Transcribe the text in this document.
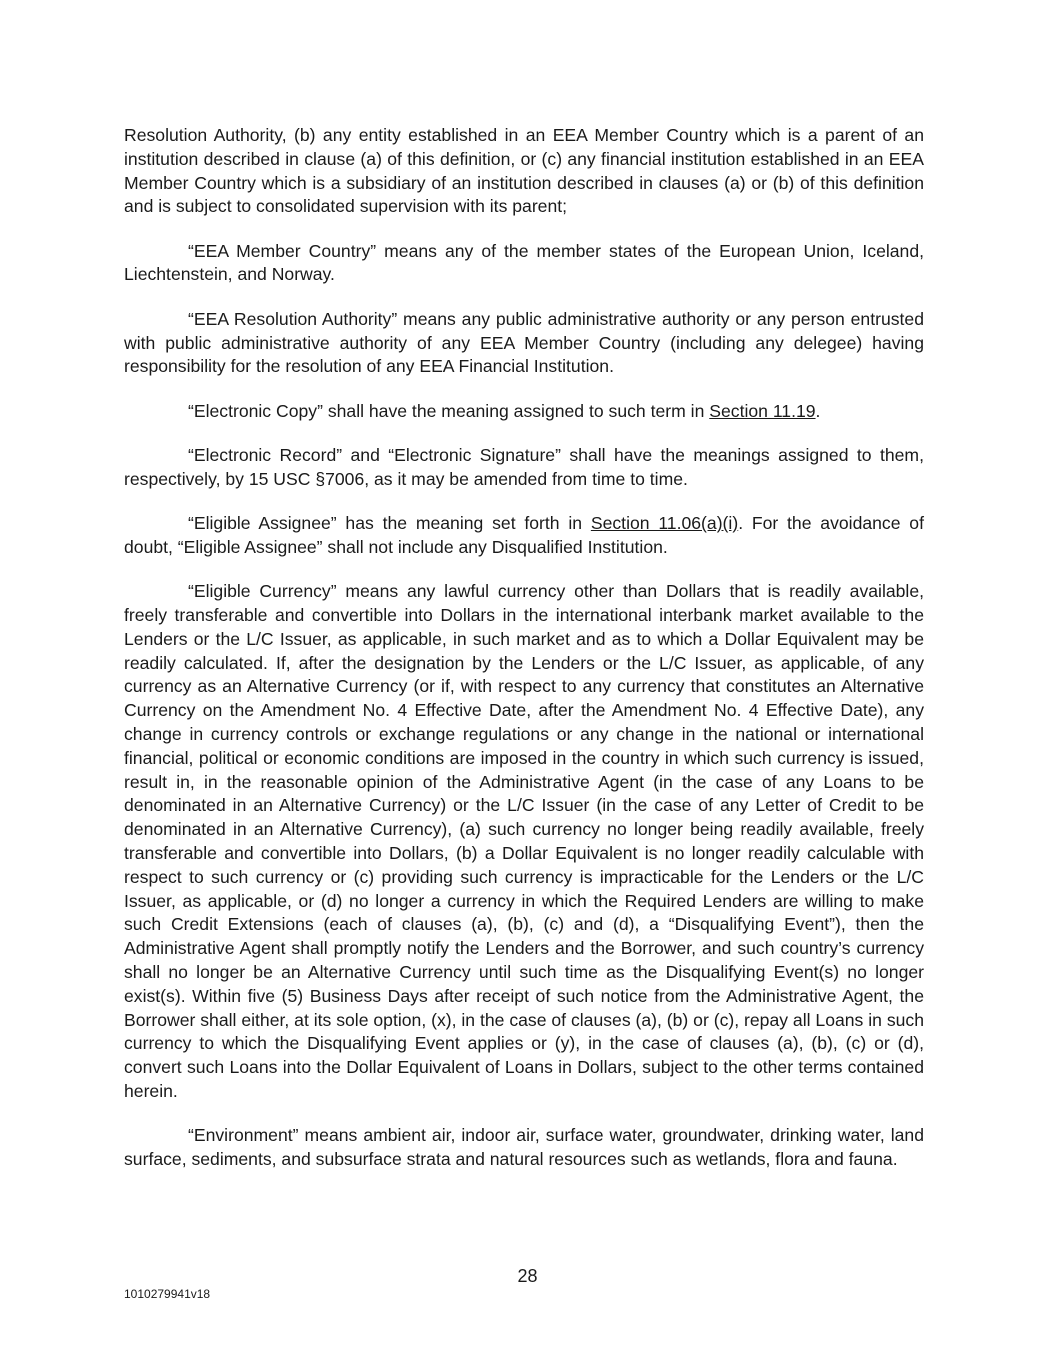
Resolution Authority, (b) any entity established in an EEA Member Country which is a parent of an institution described in clause (a) of this definition, or (c) any financial institution established in an EEA Member Country which is a subsidiary of an institution described in clauses (a) or (b) of this definition and is subject to consolidated supervision with its parent;

“EEA Member Country” means any of the member states of the European Union, Iceland, Liechtenstein, and Norway.

“EEA Resolution Authority” means any public administrative authority or any person entrusted with public administrative authority of any EEA Member Country (including any delegee) having responsibility for the resolution of any EEA Financial Institution.

“Electronic Copy” shall have the meaning assigned to such term in Section 11.19.

“Electronic Record” and “Electronic Signature” shall have the meanings assigned to them, respectively, by 15 USC §7006, as it may be amended from time to time.

“Eligible Assignee” has the meaning set forth in Section 11.06(a)(i). For the avoidance of doubt, “Eligible Assignee” shall not include any Disqualified Institution.

“Eligible Currency” means any lawful currency other than Dollars that is readily available, freely transferable and convertible into Dollars in the international interbank market available to the Lenders or the L/C Issuer, as applicable, in such market and as to which a Dollar Equivalent may be readily calculated. If, after the designation by the Lenders or the L/C Issuer, as applicable, of any currency as an Alternative Currency (or if, with respect to any currency that constitutes an Alternative Currency on the Amendment No. 4 Effective Date, after the Amendment No. 4 Effective Date), any change in currency controls or exchange regulations or any change in the national or international financial, political or economic conditions are imposed in the country in which such currency is issued, result in, in the reasonable opinion of the Administrative Agent (in the case of any Loans to be denominated in an Alternative Currency) or the L/C Issuer (in the case of any Letter of Credit to be denominated in an Alternative Currency), (a) such currency no longer being readily available, freely transferable and convertible into Dollars, (b) a Dollar Equivalent is no longer readily calculable with respect to such currency or (c) providing such currency is impracticable for the Lenders or the L/C Issuer, as applicable, or (d) no longer a currency in which the Required Lenders are willing to make such Credit Extensions (each of clauses (a), (b), (c) and (d), a “Disqualifying Event”), then the Administrative Agent shall promptly notify the Lenders and the Borrower, and such country’s currency shall no longer be an Alternative Currency until such time as the Disqualifying Event(s) no longer exist(s). Within five (5) Business Days after receipt of such notice from the Administrative Agent, the Borrower shall either, at its sole option, (x), in the case of clauses (a), (b) or (c), repay all Loans in such currency to which the Disqualifying Event applies or (y), in the case of clauses (a), (b), (c) or (d), convert such Loans into the Dollar Equivalent of Loans in Dollars, subject to the other terms contained herein.

“Environment” means ambient air, indoor air, surface water, groundwater, drinking water, land surface, sediments, and subsurface strata and natural resources such as wetlands, flora and fauna.

28
1010279941v18
